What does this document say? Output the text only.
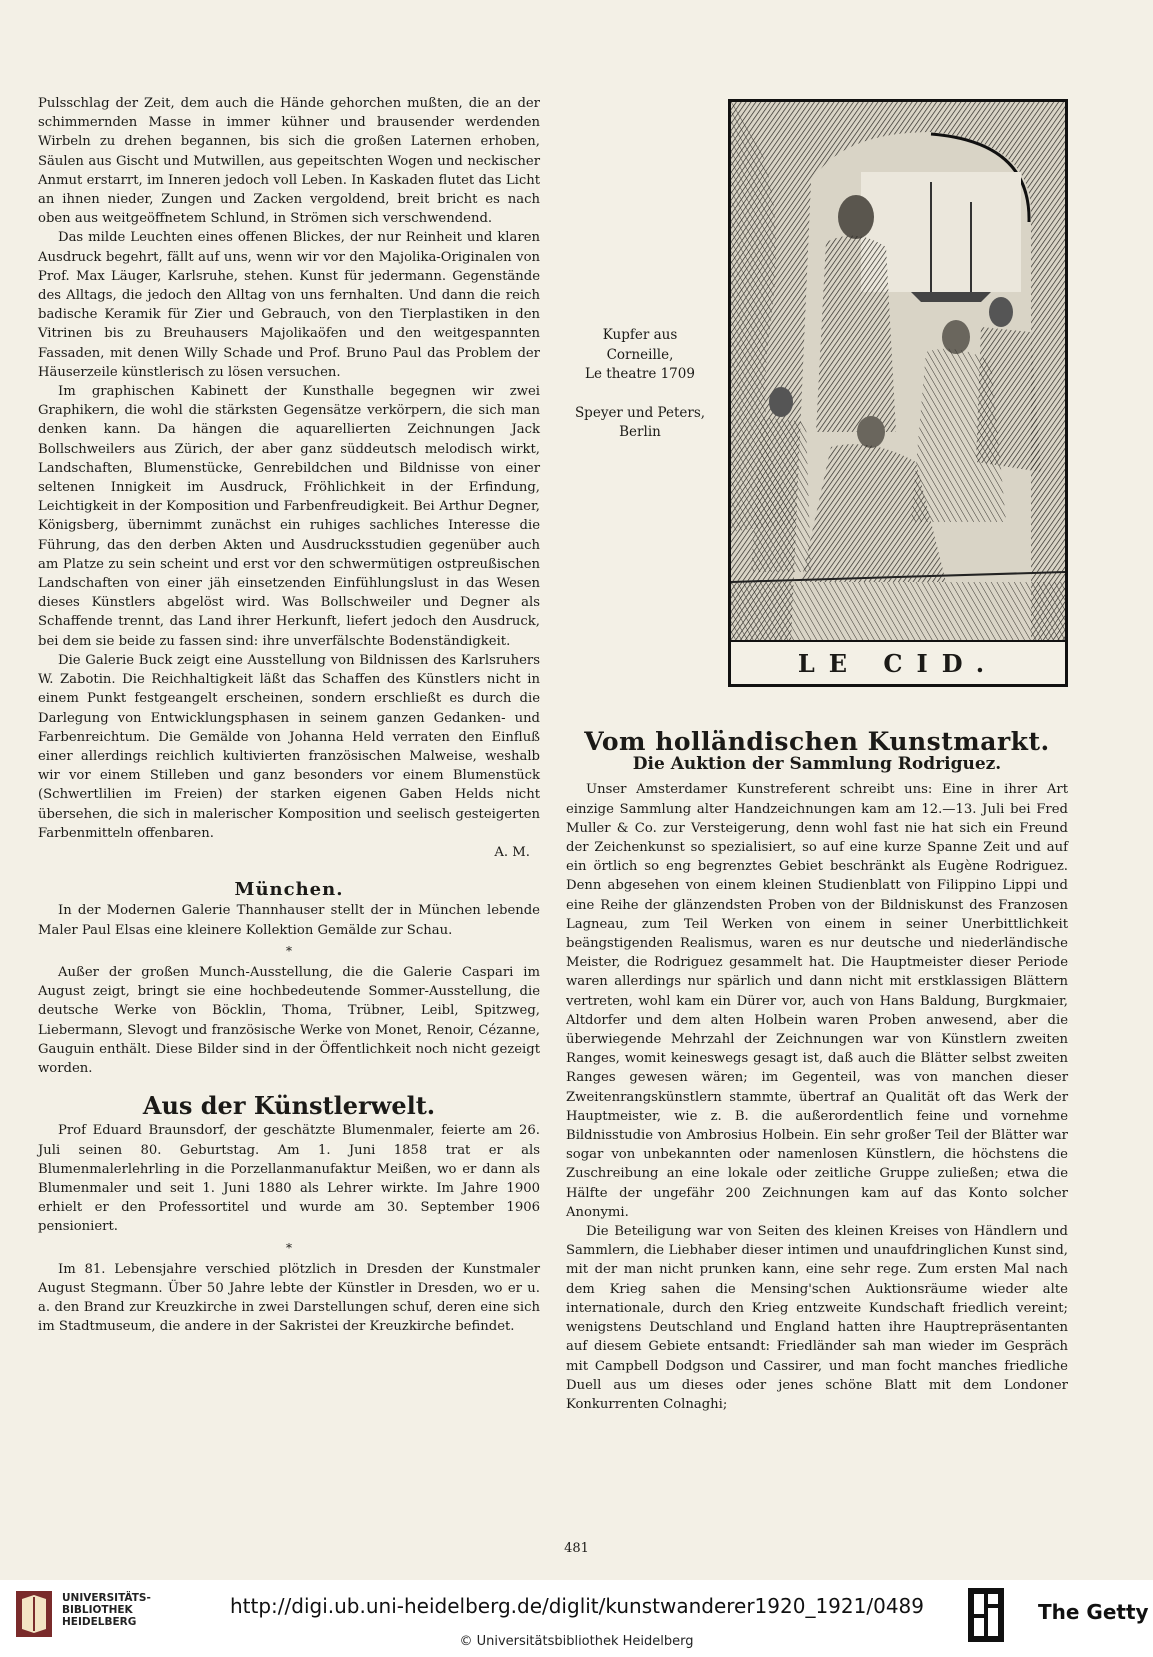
Pulsschlag der Zeit, dem auch die Hände gehorchen mußten, die an der schimmernden Masse in immer kühner und brausender werdenden Wirbeln zu drehen begannen, bis sich die großen Laternen erhoben, Säulen aus Gischt und Mutwillen, aus gepeitschten Wogen und neckischer Anmut erstarrt, im Inneren jedoch voll Leben. In Kaskaden flutet das Licht an ihnen nieder, Zungen und Zacken vergoldend, breit bricht es nach oben aus weitgeöffnetem Schlund, in Strömen sich verschwendend.

Das milde Leuchten eines offenen Blickes, der nur Reinheit und klaren Ausdruck begehrt, fällt auf uns, wenn wir vor den Majolika-Originalen von Prof. Max Läuger, Karlsruhe, stehen. Kunst für jedermann. Gegenstände des Alltags, die jedoch den Alltag von uns fernhalten. Und dann die reich badische Keramik für Zier und Gebrauch, von den Tierplastiken in den Vitrinen bis zu Breuhausers Majolikaöfen und den weitgespannten Fassaden, mit denen Willy Schade und Prof. Bruno Paul das Problem der Häuserzeile künstlerisch zu lösen versuchen.

Im graphischen Kabinett der Kunsthalle begegnen wir zwei Graphikern, die wohl die stärksten Gegensätze verkörpern, die sich man denken kann. Da hängen die aquarellierten Zeichnungen Jack Bollschweilers aus Zürich, der aber ganz süddeutsch melodisch wirkt, Landschaften, Blumenstücke, Genrebildchen und Bildnisse von einer seltenen Innigkeit im Ausdruck, Fröhlichkeit in der Erfindung, Leichtigkeit in der Komposition und Farbenfreudigkeit. Bei Arthur Degner, Königsberg, übernimmt zunächst ein ruhiges sachliches Interesse die Führung, das den derben Akten und Ausdrucksstudien gegenüber auch am Platze zu sein scheint und erst vor den schwermütigen ostpreußischen Landschaften von einer jäh einsetzenden Einfühlungslust in das Wesen dieses Künstlers abgelöst wird. Was Bollschweiler und Degner als Schaffende trennt, das Land ihrer Herkunft, liefert jedoch den Ausdruck, bei dem sie beide zu fassen sind: ihre unverfälschte Bodenständigkeit.

Die Galerie Buck zeigt eine Ausstellung von Bildnissen des Karlsruhers W. Zabotin. Die Reichhaltigkeit läßt das Schaffen des Künstlers nicht in einem Punkt festgeangelt erscheinen, sondern erschließt es durch die Darlegung von Entwicklungsphasen in seinem ganzen Gedanken- und Farbenreichtum. Die Gemälde von Johanna Held verraten den Einfluß einer allerdings reichlich kultivierten französischen Malweise, weshalb wir vor einem Stilleben und ganz besonders vor einem Blumenstück (Schwertlilien im Freien) der starken eigenen Gaben Helds nicht übersehen, die sich in malerischer Komposition und seelisch gesteigerten Farbenmitteln offenbaren.

A. M.

München.

In der Modernen Galerie Thannhauser stellt der in München lebende Maler Paul Elsas eine kleinere Kollektion Gemälde zur Schau.

*

Außer der großen Munch-Ausstellung, die die Galerie Caspari im August zeigt, bringt sie eine hochbedeutende Sommer-Ausstellung, die deutsche Werke von Böcklin, Thoma, Trübner, Leibl, Spitzweg, Liebermann, Slevogt und französische Werke von Monet, Renoir, Cézanne, Gauguin enthält. Diese Bilder sind in der Öffentlichkeit noch nicht gezeigt worden.

Aus der Künstlerwelt.

Prof Eduard Braunsdorf, der geschätzte Blumenmaler, feierte am 26. Juli seinen 80. Geburtstag. Am 1. Juni 1858 trat er als Blumenmalerlehrling in die Porzellanmanufaktur Meißen, wo er dann als Blumenmaler und seit 1. Juni 1880 als Lehrer wirkte. Im Jahre 1900 erhielt er den Professortitel und wurde am 30. September 1906 pensioniert.

*

Im 81. Lebensjahre verschied plötzlich in Dresden der Kunstmaler August Stegmann. Über 50 Jahre lebte der Künstler in Dresden, wo er u. a. den Brand zur Kreuzkirche in zwei Darstellungen schuf, deren eine sich im Stadtmuseum, die andere in der Sakristei der Kreuzkirche befindet.

Kupfer aus
Corneille,
Le theatre 1709
Speyer und Peters,
Berlin
LE CID.
Vom holländischen Kunstmarkt.
Die Auktion der Sammlung Rodriguez.

Unser Amsterdamer Kunstreferent schreibt uns: Eine in ihrer Art einzige Sammlung alter Handzeichnungen kam am 12.—13. Juli bei Fred Muller & Co. zur Versteigerung, denn wohl fast nie hat sich ein Freund der Zeichenkunst so spezialisiert, so auf eine kurze Spanne Zeit und auf ein örtlich so eng begrenztes Gebiet beschränkt als Eugène Rodriguez. Denn abgesehen von einem kleinen Studienblatt von Filippino Lippi und eine Reihe der glänzendsten Proben von der Bildniskunst des Franzosen Lagneau, zum Teil Werken von einem in seiner Unerbittlichkeit beängstigenden Realismus, waren es nur deutsche und niederländische Meister, die Rodriguez gesammelt hat. Die Hauptmeister dieser Periode waren allerdings nur spärlich und dann nicht mit erstklassigen Blättern vertreten, wohl kam ein Dürer vor, auch von Hans Baldung, Burgkmaier, Altdorfer und dem alten Holbein waren Proben anwesend, aber die überwiegende Mehrzahl der Zeichnungen war von Künstlern zweiten Ranges, womit keineswegs gesagt ist, daß auch die Blätter selbst zweiten Ranges gewesen wären; im Gegenteil, was von manchen dieser Zweitenrangskünstlern stammte, übertraf an Qualität oft das Werk der Hauptmeister, wie z. B. die außerordentlich feine und vornehme Bildnisstudie von Ambrosius Holbein. Ein sehr großer Teil der Blätter war sogar von unbekannten oder namenlosen Künstlern, die höchstens die Zuschreibung an eine lokale oder zeitliche Gruppe zuließen; etwa die Hälfte der ungefähr 200 Zeichnungen kam auf das Konto solcher Anonymi.

Die Beteiligung war von Seiten des kleinen Kreises von Händlern und Sammlern, die Liebhaber dieser intimen und unaufdringlichen Kunst sind, mit der man nicht prunken kann, eine sehr rege. Zum ersten Mal nach dem Krieg sahen die Mensing'schen Auktionsräume wieder alte internationale, durch den Krieg entzweite Kundschaft friedlich vereint; wenigstens Deutschland und England hatten ihre Hauptrepräsentanten auf diesem Gebiete entsandt: Friedländer sah man wieder im Gespräch mit Campbell Dodgson und Cassirer, und man focht manches friedliche Duell aus um dieses oder jenes schöne Blatt mit dem Londoner Konkurrenten Colnaghi;

481
UNIVERSITÄTS-
BIBLIOTHEK
HEIDELBERG
http://digi.ub.uni-heidelberg.de/diglit/kunstwanderer1920_1921/0489
© Universitätsbibliothek Heidelberg
The Getty
